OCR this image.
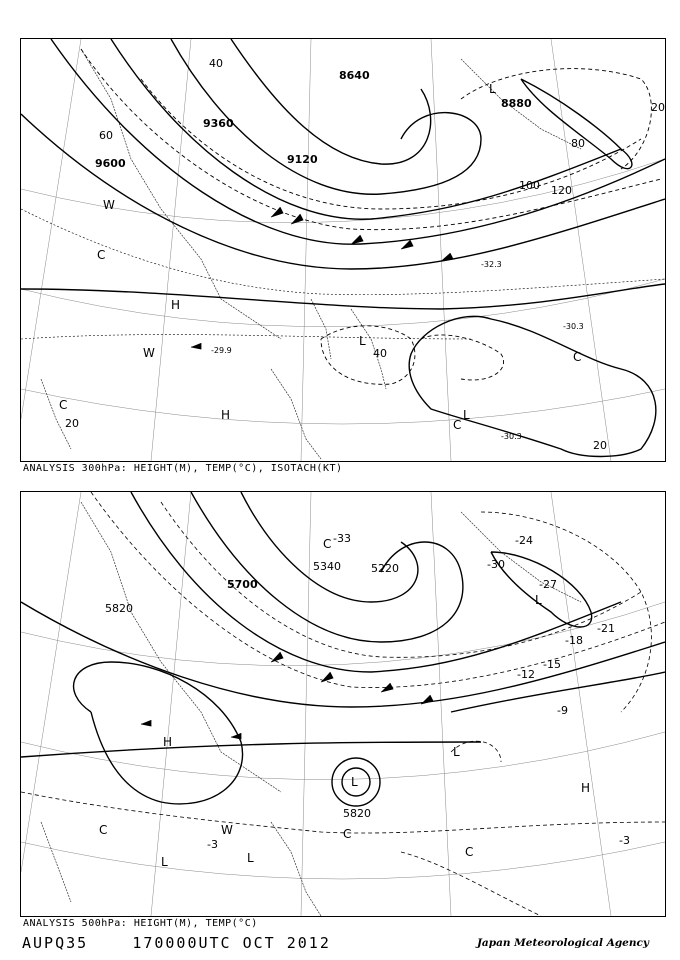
9600
9360
9120
8640
8880	20
40
60
80
100 120
20
20
40
-30.3
-29.9
-32.3
-30.3
H
H	L
L
L
W
W
C
C
C
C
ANALYSIS 300hPa: HEIGHT(M), TEMP(°C), ISOTACH(KT)
5820
5700
5340	5220
5820
-3
-9
-12
-15
-18
-21
-24
-27
-30
-33
-3
H
H
L	L
L
L
L
W
C	C
C
C
ANALYSIS 500hPa: HEIGHT(M), TEMP(°C)
AUPQ35	170000UTC OCT 2012	Japan Meteorological Agency
